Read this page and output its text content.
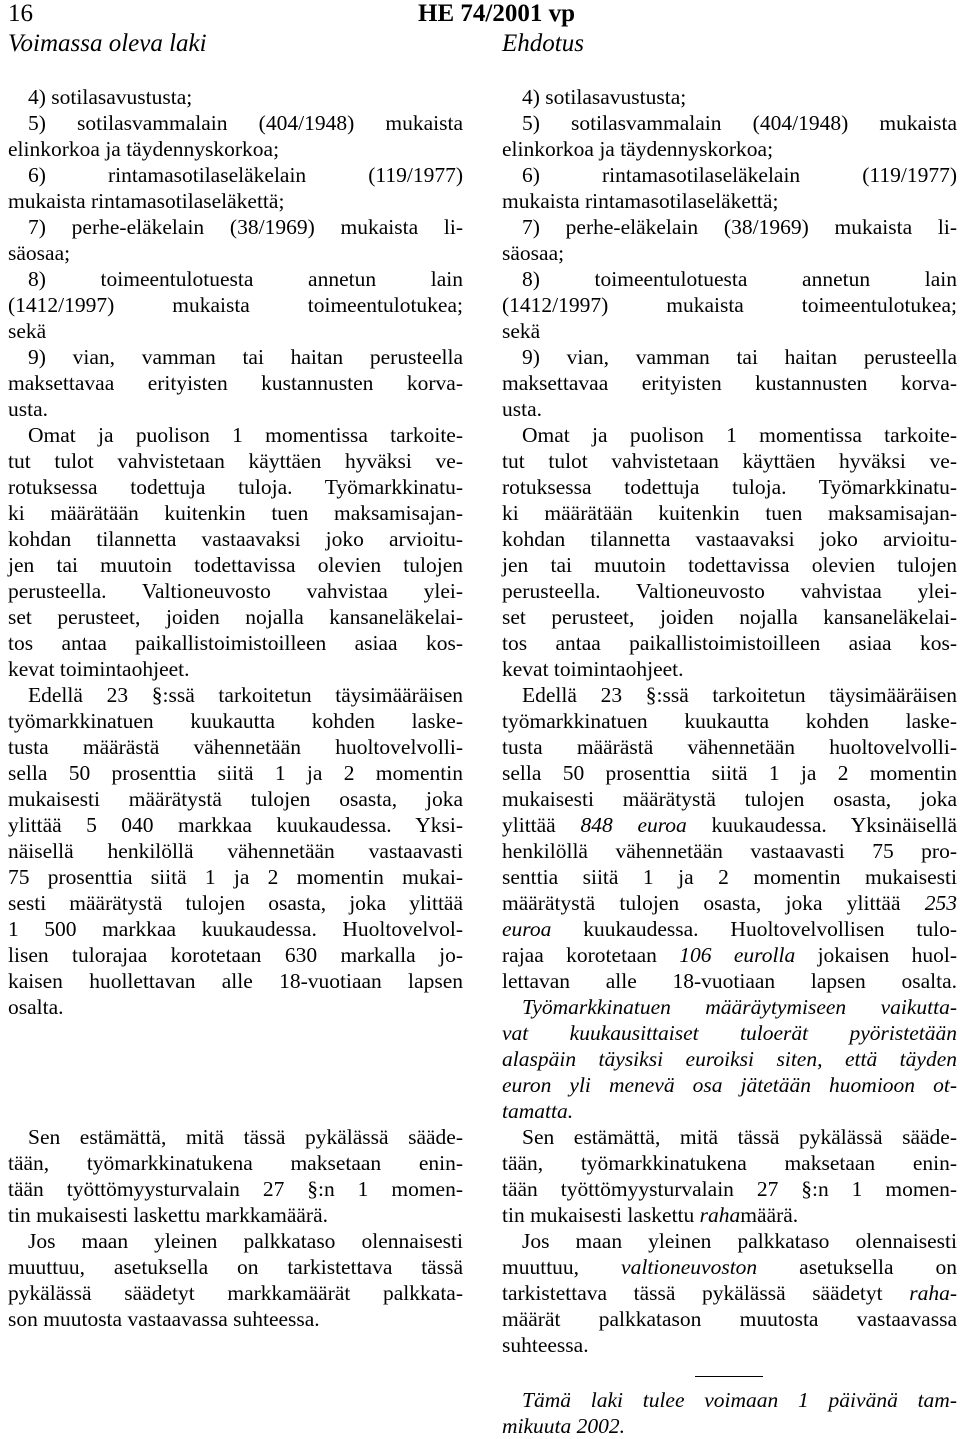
16	HE 74/2001 vp
Voimassa oleva laki	Ehdotus

4) sotilasavustusta;

5) sotilasvammalain (404/1948) mukaista

elinkorkoa ja täydennyskorkoa;

6) rintamasotilaseläkelain (119/1977)

mukaista rintamasotilaseläkettä;

7) perhe-eläkelain (38/1969) mukaista li-

säosaa;

8) toimeentulotuesta annetun lain

(1412/1997) mukaista toimeentulotukea;

sekä

9) vian, vamman tai haitan perusteella

maksettavaa erityisten kustannusten korva-

usta.

Omat ja puolison 1 momentissa tarkoite-

tut tulot vahvistetaan käyttäen hyväksi ve-

rotuksessa todettuja tuloja. Työmarkkinatu-

ki määrätään kuitenkin tuen maksamisajan-

kohdan tilannetta vastaavaksi joko arvioitu-

jen tai muutoin todettavissa olevien tulojen

perusteella. Valtioneuvosto vahvistaa ylei-

set perusteet, joiden nojalla kansaneläkelai-

tos antaa paikallistoimistoilleen asiaa kos-

kevat toimintaohjeet.

Edellä 23 §:ssä tarkoitetun täysimääräisen

työmarkkinatuen kuukautta kohden laske-

tusta määrästä vähennetään huoltovelvolli-

sella 50 prosenttia siitä 1 ja 2 momentin

mukaisesti määrätystä tulojen osasta, joka

ylittää 5 040 markkaa kuukaudessa. Yksi-

näisellä henkilöllä vähennetään vastaavasti

75 prosenttia siitä 1 ja 2 momentin mukai-

sesti määrätystä tulojen osasta, joka ylittää

1 500 markkaa kuukaudessa. Huoltovelvol-

lisen tulorajaa korotetaan 630 markalla jo-

kaisen huollettavan alle 18-vuotiaan lapsen

osalta.

Sen estämättä, mitä tässä pykälässä sääde-

tään, työmarkkinatukena maksetaan enin-

tään työttömyysturvalain 27 §:n 1 momen-

tin mukaisesti laskettu markkamäärä.

Jos maan yleinen palkkataso olennaisesti

muuttuu, asetuksella on tarkistettava tässä

pykälässä säädetyt markkamäärät palkkata-

son muutosta vastaavassa suhteessa.

4) sotilasavustusta;

5) sotilasvammalain (404/1948) mukaista

elinkorkoa ja täydennyskorkoa;

6) rintamasotilaseläkelain (119/1977)

mukaista rintamasotilaseläkettä;

7) perhe-eläkelain (38/1969) mukaista li-

säosaa;

8) toimeentulotuesta annetun lain

(1412/1997) mukaista toimeentulotukea;

sekä

9) vian, vamman tai haitan perusteella

maksettavaa erityisten kustannusten korva-

usta.

Omat ja puolison 1 momentissa tarkoite-

tut tulot vahvistetaan käyttäen hyväksi ve-

rotuksessa todettuja tuloja. Työmarkkinatu-

ki määrätään kuitenkin tuen maksamisajan-

kohdan tilannetta vastaavaksi joko arvioitu-

jen tai muutoin todettavissa olevien tulojen

perusteella. Valtioneuvosto vahvistaa ylei-

set perusteet, joiden nojalla kansaneläkelai-

tos antaa paikallistoimistoilleen asiaa kos-

kevat toimintaohjeet.

Edellä 23 §:ssä tarkoitetun täysimääräisen

työmarkkinatuen kuukautta kohden laske-

tusta määrästä vähennetään huoltovelvolli-

sella 50 prosenttia siitä 1 ja 2 momentin

mukaisesti määrätystä tulojen osasta, joka

ylittää 848 euroa kuukaudessa. Yksinäisellä

henkilöllä vähennetään vastaavasti 75 pro-

senttia siitä 1 ja 2 momentin mukaisesti

määrätystä tulojen osasta, joka ylittää 253

euroa kuukaudessa. Huoltovelvollisen tulo-

rajaa korotetaan 106 eurolla jokaisen huol-

lettavan alle 18-vuotiaan lapsen osalta.

Työmarkkinatuen määräytymiseen vaikutta-

vat kuukausittaiset tuloerät pyöristetään

alaspäin täysiksi euroiksi siten, että täyden

euron yli menevä osa jätetään huomioon ot-

tamatta.

Sen estämättä, mitä tässä pykälässä sääde-

tään, työmarkkinatukena maksetaan enin-

tään työttömyysturvalain 27 §:n 1 momen-

tin mukaisesti laskettu rahamäärä.

Jos maan yleinen palkkataso olennaisesti

muuttuu, valtioneuvoston asetuksella on

tarkistettava tässä pykälässä säädetyt raha-

määrät palkkatason muutosta vastaavassa

suhteessa.

Tämä laki tulee voimaan 1 päivänä tam-

mikuuta 2002.
